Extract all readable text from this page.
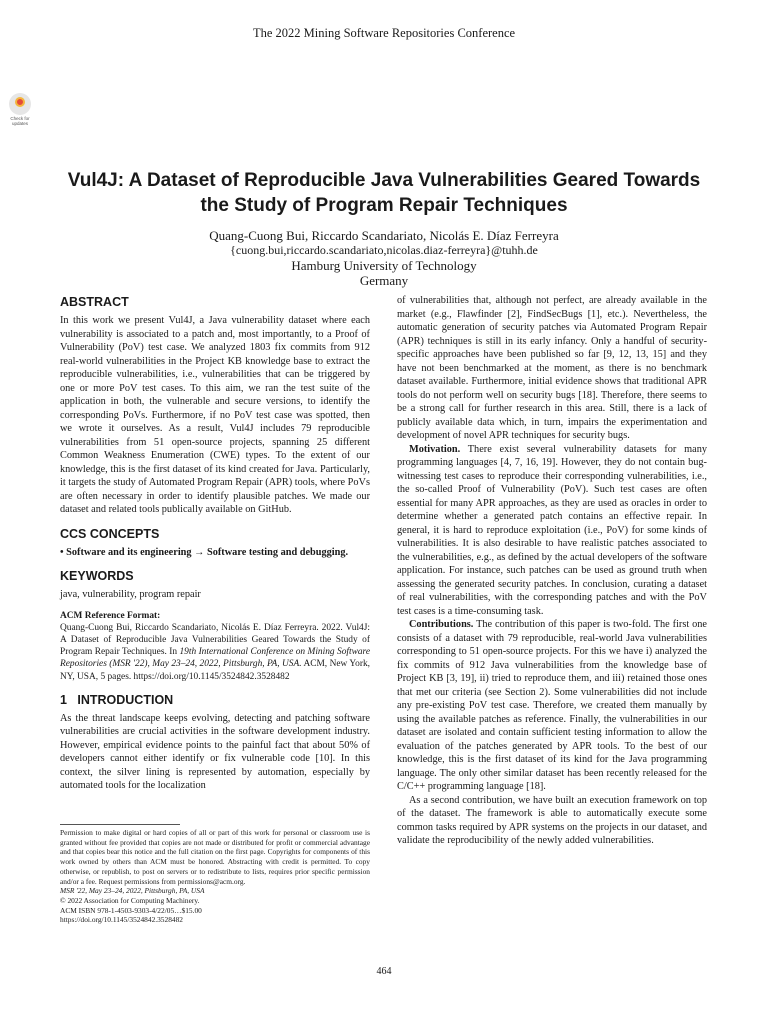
The 2022 Mining Software Repositories Conference
Check for updates
Vul4J: A Dataset of Reproducible Java Vulnerabilities Geared Towards the Study of Program Repair Techniques
Quang-Cuong Bui, Riccardo Scandariato, Nicolás E. Díaz Ferreyra
{cuong.bui,riccardo.scandariato,nicolas.diaz-ferreyra}@tuhh.de
Hamburg University of Technology
Germany
ABSTRACT

In this work we present Vul4J, a Java vulnerability dataset where each vulnerability is associated to a patch and, most importantly, to a Proof of Vulnerability (PoV) test case. We analyzed 1803 fix commits from 912 real-world vulnerabilities in the Project KB knowledge base to extract the reproducible vulnerabilities, i.e., vulnerabilities that can be triggered by one or more PoV test cases. To this aim, we ran the test suite of the application in both, the vulnerable and secure versions, to identify the corresponding PoVs. Furthermore, if no PoV test case was spotted, then we wrote it ourselves. As a result, Vul4J includes 79 reproducible vulnerabilities from 51 open-source projects, spanning 25 different Common Weakness Enumeration (CWE) types. To the extent of our knowledge, this is the first dataset of its kind created for Java. Particularly, it targets the study of Automated Program Repair (APR) tools, where PoVs are often necessary in order to identify plausible patches. We made our dataset and related tools publically available on GitHub.

CCS CONCEPTS

• Software and its engineering → Software testing and debugging.

KEYWORDS

java, vulnerability, program repair

ACM Reference Format:

Quang-Cuong Bui, Riccardo Scandariato, Nicolás E. Díaz Ferreyra. 2022. Vul4J: A Dataset of Reproducible Java Vulnerabilities Geared Towards the Study of Program Repair Techniques. In 19th International Conference on Mining Software Repositories (MSR '22), May 23–24, 2022, Pittsburgh, PA, USA. ACM, New York, NY, USA, 5 pages. https://doi.org/10.1145/3524842.3528482

1   INTRODUCTION

As the threat landscape keeps evolving, detecting and patching software vulnerabilities are crucial activities in the software development industry. However, empirical evidence points to the painful fact that about 50% of developers cannot either identify or fix vulnerable code [10]. In this context, the silver lining is represented by automation, especially by automated tools for the localization

Permission to make digital or hard copies of all or part of this work for personal or classroom use is granted without fee provided that copies are not made or distributed for profit or commercial advantage and that copies bear this notice and the full citation on the first page. Copyrights for components of this work owned by others than ACM must be honored. Abstracting with credit is permitted. To copy otherwise, or republish, to post on servers or to redistribute to lists, requires prior specific permission and/or a fee. Request permissions from permissions@acm.org.
MSR '22, May 23–24, 2022, Pittsburgh, PA, USA
© 2022 Association for Computing Machinery.
ACM ISBN 978-1-4503-9303-4/22/05…$15.00
https://doi.org/10.1145/3524842.3528482

of vulnerabilities that, although not perfect, are already available in the market (e.g., Flawfinder [2], FindSecBugs [1], etc.). Nevertheless, the automatic generation of security patches via Automated Program Repair (APR) techniques is still in its early infancy. Only a handful of security-specific approaches have been published so far [9, 12, 13, 15] and they have not been benchmarked at the moment, as there is no benchmark dataset available. Furthermore, initial evidence shows that traditional APR tools do not perform well on security bugs [18]. Therefore, there seems to be a strong call for further research in this area. Still, there is a lack of publicly available data which, in turn, impairs the experimentation and development of novel APR techniques for security bugs.

Motivation. There exist several vulnerability datasets for many programming languages [4, 7, 16, 19]. However, they do not contain bug-witnessing test cases to reproduce their corresponding vulnerabilities, i.e., the so-called Proof of Vulnerability (PoV). Such test cases are often essential for many APR approaches, as they are used as oracles in order to determine whether a generated patch contains an effective repair. In general, it is hard to reproduce exploitation (i.e., PoV) for some kinds of vulnerabilities. It is also desirable to have realistic patches associated to the vulnerabilities, e.g., as defined by the actual developers of the software application. For instance, such patches can be used as ground truth when assessing the generated security patches. In conclusion, curating a dataset of real vulnerabilities, with the corresponding patches and with the PoV test cases is a time-consuming task.

Contributions. The contribution of this paper is two-fold. The first one consists of a dataset with 79 reproducible, real-world Java vulnerabilities corresponding to 51 open-source projects. For this we have i) analyzed the fix commits of 912 Java vulnerabilities from the knowledge base of Project KB [3, 19], ii) tried to reproduce them, and iii) retained those ones that met our criteria (see Section 2). Some vulnerabilities did not include any pre-existing PoV test case. Therefore, we created them manually by using the available patches as reference. Finally, the vulnerabilities in our dataset are isolated and contain sufficient testing information to allow the evaluation of the patches generated by APR tools. To the best of our knowledge, this is the first dataset of its kind for the Java programming language. The only other similar dataset has been recently released for the C/C++ programming language [18].

As a second contribution, we have built an execution framework on top of the dataset. The framework is able to automatically execute some common tasks required by APR systems on the projects in our dataset, and validate the reproducibility of the newly added vulnerabilities.

464
